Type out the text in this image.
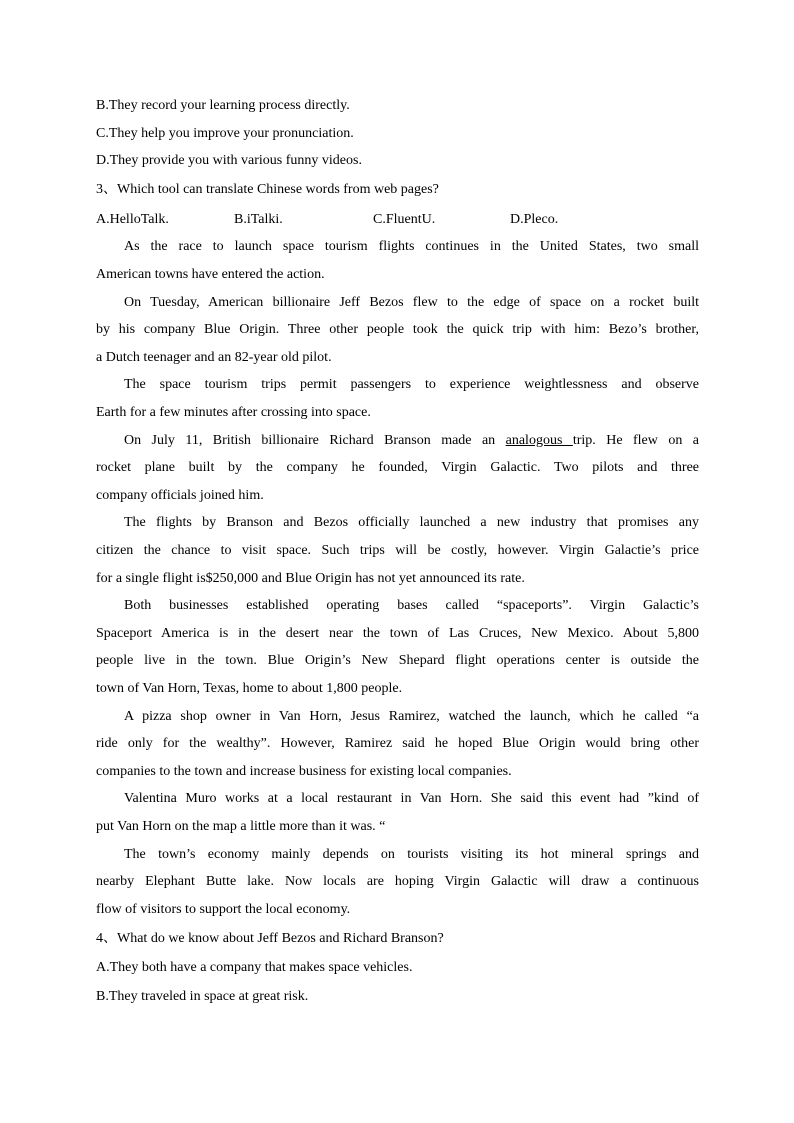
B.They record your learning process directly.
C.They help you improve your pronunciation.
D.They provide you with various funny videos.
3、Which tool can translate Chinese words from web pages?
A.HelloTalk.	B.iTalki.	C.FluentU.	D.Pleco.
As the race to launch space tourism flights continues in the United States, two small
American towns have entered the action.
On Tuesday, American billionaire Jeff Bezos flew to the edge of space on a rocket built
by his company Blue Origin. Three other people took the quick trip with him: Bezo’s brother,
a Dutch teenager and an 82-year old pilot.
The space tourism trips permit passengers to experience weightlessness and observe
Earth for a few minutes after crossing into space.
On July 11, British billionaire Richard Branson made an analogous trip. He flew on a
rocket plane built by the company he founded, Virgin Galactic. Two pilots and three
company officials joined him.
The flights by Branson and Bezos officially launched a new industry that promises any
citizen the chance to visit space. Such trips will be costly, however. Virgin Galactie’s price
for a single flight is$250,000 and Blue Origin has not yet announced its rate.
Both businesses established operating bases called “spaceports”. Virgin Galactic’s
Spaceport America is in the desert near the town of Las Cruces, New Mexico. About 5,800
people live in the town. Blue Origin’s New Shepard flight operations center is outside the
town of Van Horn, Texas, home to about 1,800 people.
A pizza shop owner in Van Horn, Jesus Ramirez, watched the launch, which he called “a
ride only for the wealthy”. However, Ramirez said he hoped Blue Origin would bring other
companies to the town and increase business for existing local companies.
Valentina Muro works at a local restaurant in Van Horn. She said this event had ”kind of
put Van Horn on the map a little more than it was. “
The town’s economy mainly depends on tourists visiting its hot mineral springs and
nearby Elephant Butte lake. Now locals are hoping Virgin Galactic will draw a continuous
flow of visitors to support the local economy.
4、What do we know about Jeff Bezos and Richard Branson?
A.They both have a company that makes space vehicles.
B.They traveled in space at great risk.
